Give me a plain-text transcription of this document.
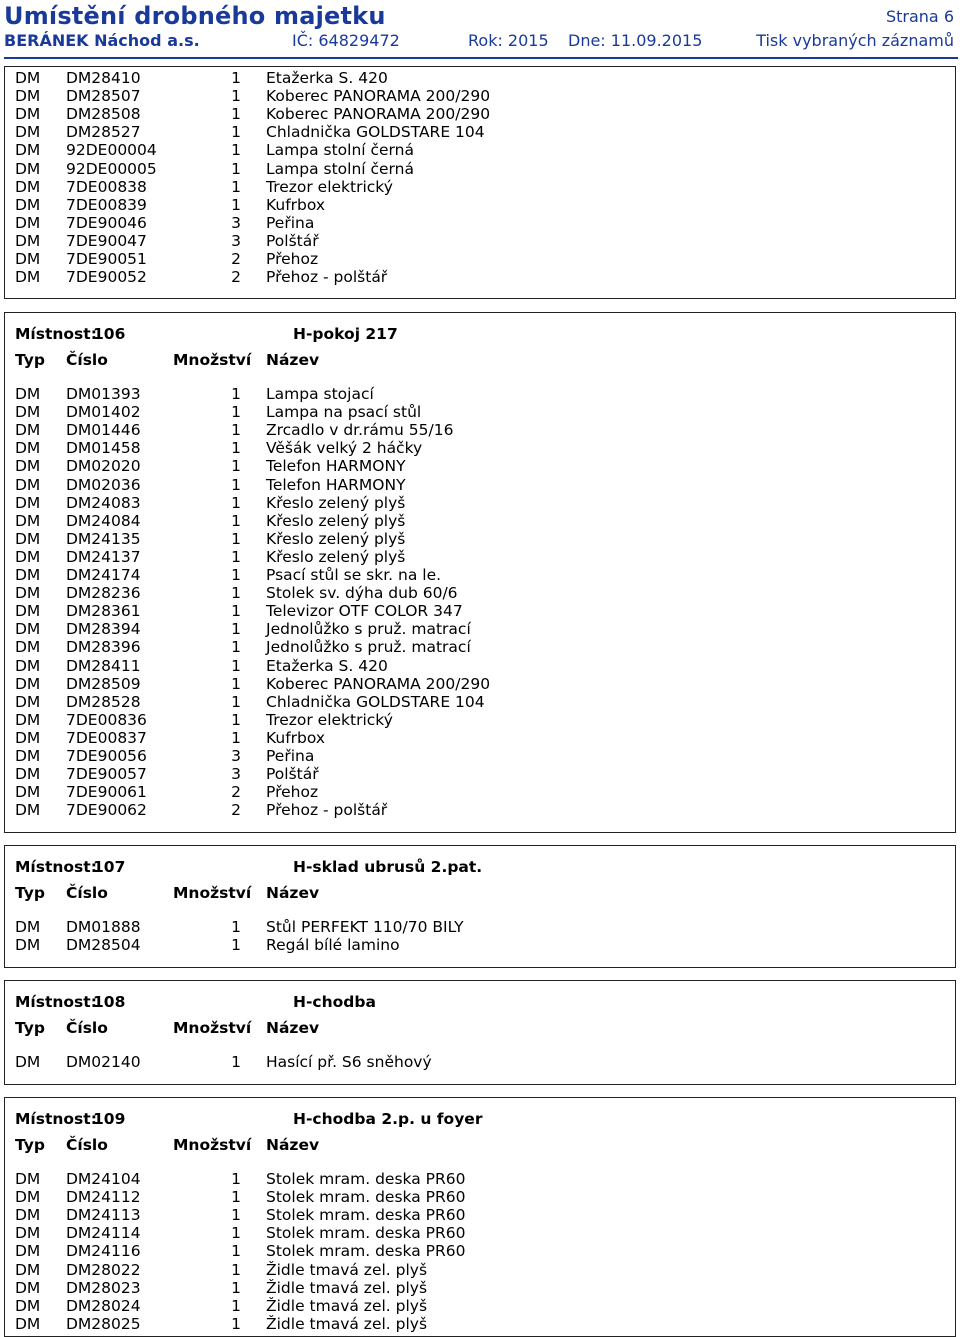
Umístění drobného majetku	Strana 6
BERÁNEK Náchod a.s.	IČ: 64829472	Rok: 2015 Dne: 11.09.2015	Tisk vybraných záznamů
DM DM28410	1 Etažerka S. 420
DM DM28507	1 Koberec PANORAMA 200/290
DM DM28508	1 Koberec PANORAMA 200/290
DM DM28527	1 Chladnička GOLDSTARE 104
DM 92DE00004	1 Lampa stolní černá
DM 92DE00005	1 Lampa stolní černá
DM 7DE00838	1 Trezor elektrický
DM 7DE00839	1 Kufrbox
DM 7DE90046	3 Peřina
DM 7DE90047	3 Polštář
DM 7DE90051	2 Přehoz
DM 7DE90052	2 Přehoz - polštář
Místnost:
106	H-pokoj 217
Typ Číslo	Množství Název
DM DM01393	1 Lampa stojací
DM DM01402	1 Lampa na psací stůl
DM DM01446	1 Zrcadlo v dr.rámu 55/16
DM DM01458	1 Věšák velký 2 háčky
DM DM02020	1 Telefon HARMONY
DM DM02036	1 Telefon HARMONY
DM DM24083	1 Křeslo zelený plyš
DM DM24084	1 Křeslo zelený plyš
DM DM24135	1 Křeslo zelený plyš
DM DM24137	1 Křeslo zelený plyš
DM DM24174	1 Psací stůl se skr. na le.
DM DM28236	1 Stolek sv. dýha dub 60/6
DM DM28361	1 Televizor OTF COLOR 347
DM DM28394	1 Jednolůžko s pruž. matrací
DM DM28396	1 Jednolůžko s pruž. matrací
DM DM28411	1 Etažerka S. 420
DM DM28509	1 Koberec PANORAMA 200/290
DM DM28528	1 Chladnička GOLDSTARE 104
DM 7DE00836	1 Trezor elektrický
DM 7DE00837	1 Kufrbox
DM 7DE90056	3 Peřina
DM 7DE90057	3 Polštář
DM 7DE90061	2 Přehoz
DM 7DE90062	2 Přehoz - polštář
Místnost:
107	H-sklad ubrusů 2.pat.
Typ Číslo	Množství Název
DM DM01888	1 Stůl PERFEKT 110/70 BILY
DM DM28504	1 Regál bílé lamino
Místnost:
108	H-chodba
Typ Číslo	Množství Název
DM DM02140	1 Hasící př. S6 sněhový
Místnost:
109	H-chodba 2.p. u foyer
Typ Číslo	Množství Název
DM DM24104	1 Stolek mram. deska PR60
DM DM24112	1 Stolek mram. deska PR60
DM DM24113	1 Stolek mram. deska PR60
DM DM24114	1 Stolek mram. deska PR60
DM DM24116	1 Stolek mram. deska PR60
DM DM28022	1 Židle tmavá zel. plyš
DM DM28023	1 Židle tmavá zel. plyš
DM DM28024	1 Židle tmavá zel. plyš
DM DM28025	1 Židle tmavá zel. plyš
